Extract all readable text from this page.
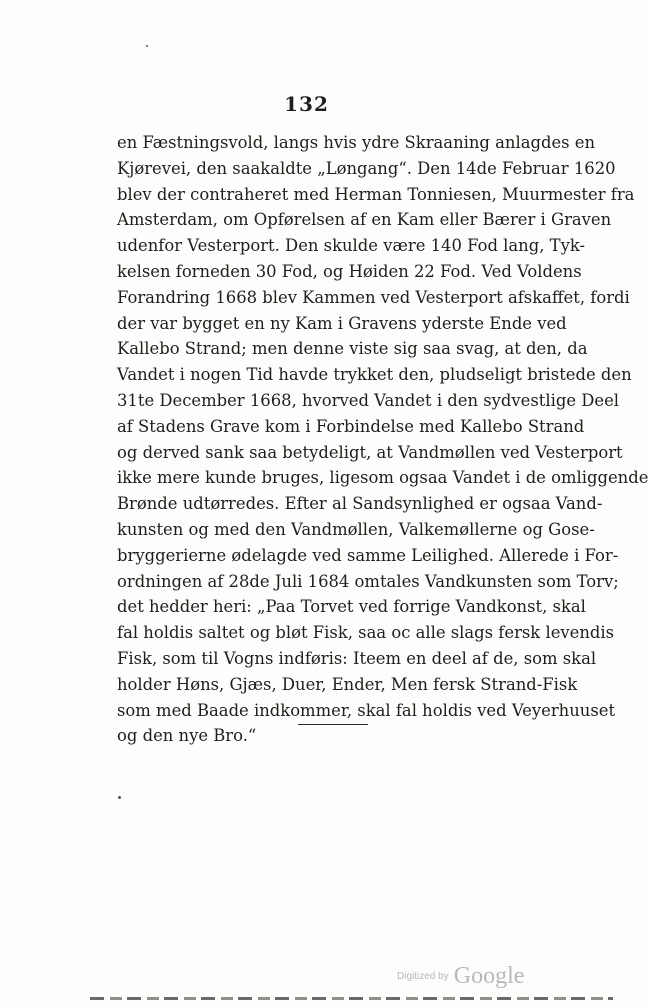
132
en Fæstningsvold, langs hvis ydre Skraaning anlagdes en
Kjørevei, den saakaldte „Løngang“. Den 14de Februar 1620
blev der contraheret med Herman Tonniesen, Muurmester fra
Amsterdam, om Opførelsen af en Kam eller Bærer i Graven
udenfor Vesterport. Den skulde være 140 Fod lang, Tyk-
kelsen forneden 30 Fod, og Høiden 22 Fod. Ved Voldens
Forandring 1668 blev Kammen ved Vesterport afskaffet, fordi
der var bygget en ny Kam i Gravens yderste Ende ved
Kallebo Strand; men denne viste sig saa svag, at den, da
Vandet i nogen Tid havde trykket den, pludseligt bristede den
31te December 1668, hvorved Vandet i den sydvestlige Deel
af Stadens Grave kom i Forbindelse med Kallebo Strand
og derved sank saa betydeligt, at Vandmøllen ved Vesterport
ikke mere kunde bruges, ligesom ogsaa Vandet i de omliggende
Brønde udtørredes. Efter al Sandsynlighed er ogsaa Vand-
kunsten og med den Vandmøllen, Valkemøllerne og Gose-
bryggerierne ødelagde ved samme Leilighed. Allerede i For-
ordningen af 28de Juli 1684 omtales Vandkunsten som Torv;
det hedder heri: „Paa Torvet ved forrige Vandkonst, skal
fal holdis saltet og bløt Fisk, saa oc alle slags fersk levendis
Fisk, som til Vogns indføris: Iteem en deel af de, som skal
holder Høns, Gjæs, Duer, Ender, Men fersk Strand-Fisk
som med Baade indkommer, skal fal holdis ved Veyerhuuset
og den nye Bro.“
Digitized by Google
